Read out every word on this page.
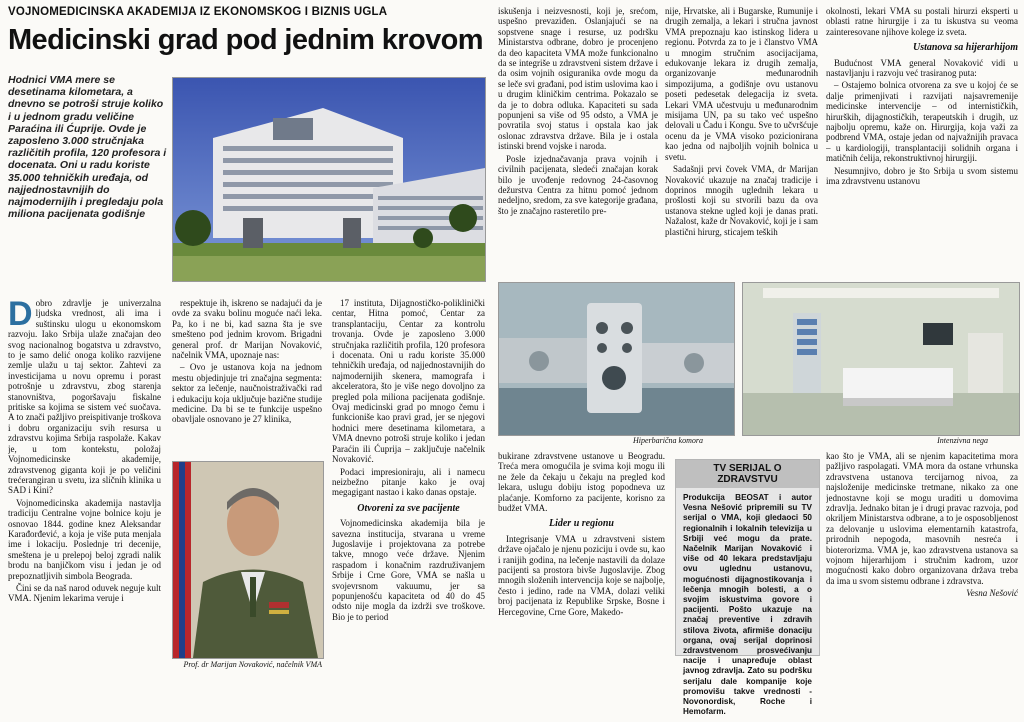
VOJNOMEDICINSKA AKADEMIJA IZ EKONOMSKOG I BIZNIS UGLA
Medicinski grad pod jednim krovom
Hodnici VMA mere se desetinama kilometara, a dnevno se potroši struje koliko i u jednom gradu veličine Paraćina ili Ćuprije. Ovde je zaposleno 3.000 stručnjaka različitih profila, 120 profesora i docenata. Oni u radu koriste 35.000 tehničkih uređaja, od najjednostavnijih do najmodernijih i pregledaju pola miliona pacijenata godišnje

Dobro zdravlje je univerzalna ljudska vrednost, ali ima i suštinsku ulogu u ekonomskom razvoju. Iako Srbija ulaže značajan deo svog nacionalnog bogatstva u zdravstvo, to je samo delić onoga koliko razvijene zemlje ulažu u taj sektor. Zahtevi za investicijama u novu opremu i porast potrošnje u zdravstvu, zbog starenja stanovništva, pogoršavaju fiskalne pritiske sa kojima se sistem već suočava. A to znači pažljivo preispitivanje troškova i dobru organizaciju svih resursa u zdravstvu kojima Srbija raspolaže. Kakav je, u tom kontekstu, položaj Vojnomedicinske akademije, zdravstvenog giganta koji je po veličini trećerangiran u svetu, iza sličnih klinika u SAD i Kini?

Vojnomedicinska akademija nastavlja tradiciju Centralne vojne bolnice koju je osnovao 1844. godine knez Aleksandar Karađorđević, a koja je više puta menjala ime i lokaciju. Poslednje tri decenije, smeštena je u prelepoj beloj zgradi nalik brodu na banjičkom visu i jedan je od prepoznatljivih simbola Beograda.

Čini se da naš narod oduvek neguje kult VMA. Njenim lekarima veruje i

respektuje ih, iskreno se nadajući da je ovde za svaku bolinu moguće naći leka. Pa, ko i ne bi, kad sazna šta je sve smešteno pod jednim krovom. Brigadni general prof. dr Marijan Novaković, načelnik VMA, upoznaje nas:

– Ovo je ustanova koja na jednom mestu objedinjuje tri značajna segmenta: sektor za lečenje, naučnoistraživački rad i edukaciju koja uključuje bazične studije medicine. Da bi se te funkcije uspešno obavljale osnovano je 27 klinika,

Prof. dr Marijan Novaković, načelnik VMA

17 instituta, Dijagnostičko-poliklinički centar, Hitna pomoć, Centar za transplantaciju, Centar za kontrolu trovanja. Ovde je zaposleno 3.000 stručnjaka različitih profila, 120 profesora i docenata. Oni u radu koriste 35.000 tehničkih uređaja, od najjednostavnijih do najmodernijih skenera, mamografa i akceleratora, što je više nego dovoljno za pregled pola miliona pacijenata godišnje. Ovaj medicinski grad po mnogo čemu i funkcioniše kao pravi grad, jer se njegovi hodnici mere desetinama kilometara, a VMA dnevno potroši struje koliko i jedan Paraćin ili Ćuprija – zaključuje načelnik Novaković.

Podaci impresioniraju, ali i namecu neizbežno pitanje kako je ovaj megagigant nastao i kako danas opstaje.

Otvoreni za sve pacijente

Vojnomedicinska akademija bila je savezna institucija, stvarana u vreme Jugoslavije i projektovana za potrebe takve, mnogo veće države. Njenim raspadom i konačnim razdruživanjem Srbije i Crne Gore, VMA se našla u svojevrsnom vakuumu, jer sa popunjenošću kapaciteta od 40 do 45 odsto nije mogla da izdrži sve troškove. Bio je to period

iskušenja i neizvesnosti, koji je, srećom, uspešno prevaziđen. Oslanjajući se na sopstvene snage i resurse, uz podršku Ministarstva odbrane, dobro je procenjeno da deo kapaciteta VMA može funkcionalno da se integriše u zdravstveni sistem države i da osim vojnih osiguranika ovde mogu da se leče svi građani, pod istim uslovima kao i u drugim kliničkim centrima. Pokazalo se da je to dobra odluka. Kapaciteti su sada popunjeni sa više od 95 odsto, a VMA je povratila svoj status i opstala kao jak oslonac zdravstva države. Bila je i ostala istinski brend vojske i naroda.

Posle izjednačavanja prava vojnih i civilnih pacijenata, sledeći značajan korak bilo je uvođenje redovnog 24-časovnog dežurstva Centra za hitnu pomoć jednom nedeljno, sredom, za sve kategorije građana, što je značajno rasteretilo pre-

nije, Hrvatske, ali i Bugarske, Rumunije i drugih zemalja, a lekari i stručna javnost VMA prepoznaju kao istinskog lidera u regionu. Potvrda za to je i članstvo VMA u mnogim stručnim asocijacijama, edukovanje lekara iz drugih zemalja, organizovanje međunarodnih simpozijuma, a godišnje ovu ustanovu poseti pedesetak delegacija iz sveta. Lekari VMA učestvuju u međunarodnim misijama UN, pa su tako već uspešno delovali u Čadu i Kongu. Sve to učvršćuje ocenu da je VMA visoko pozicionirana kao jedna od najboljih vojnih bolnica u svetu.

Sadašnji prvi čovek VMA, dr Marijan Novaković ukazuje na značaj tradicije i doprinos mnogih uglednih lekara u prošlosti koji su stvorili bazu da ova ustanova stekne ugled koji je danas prati. Nažalost, kaže dr Novaković, koji je i sam plastični hirurg, sticajem teških

okolnosti, lekari VMA su postali hirurzi eksperti u oblasti ratne hirurgije i za tu iskustva su veoma zainteresovane njihove kolege iz sveta.

Ustanova sa hijerarhijom

Budućnost VMA general Novaković vidi u nastavljanju i razvoju već trasiranog puta:

– Ostajemo bolnica otvorena za sve u kojoj će se dalje primenjivati i razvijati najsavremenije medicinske intervencije – od internističkih, hirurških, dijagnostičkih, terapeutskih i drugih, uz najbolju opremu, kaže on. Hirurgija, koja važi za podbrend VMA, ostaje jedan od najvažnijih pravaca – u kardiologiji, transplantaciji solidnih organa i matičnih ćelija, rekonstruktivnoj hirurgiji.

Nesumnjivo, dobro je što Srbija u svom sistemu ima zdravstvenu ustanovu

Hiperbarična komora	Intenzivna nega

bukirane zdravstvene ustanove u Beogradu. Treća mera omogućila je svima koji mogu ili ne žele da čekaju u čekaju na pregled kod lekara, uslugu dobiju istog popodneva uz plaćanje. Komforno za pacijente, korisno za budžet VMA.

Lider u regionu

Integrisanje VMA u zdravstveni sistem države ojačalo je njenu poziciju i ovde su, kao i ranijih godina, na lečenje nastavili da dolaze pacijenti sa prostora bivše Jugoslavije. Zbog mnogih složenih intervencija koje se najbolje, često i jedino, rade na VMA, dolazi veliki broj pacijenata iz Republike Srpske, Bosne i Hercegovine, Crne Gore, Makedo-

TV SERIJAL O ZDRAVSTVU
Produkcija BEOSAT i autor Vesna Nešović pripremili su TV serijal o VMA, koji gledaoci 50 regionalnih i lokalnih televizija u Srbiji već mogu da prate. Načelnik Marijan Novaković i više od 40 lekara predstavljaju ovu uglednu ustanovu, mogućnosti dijagnostikovanja i lečenja mnogih bolesti, a o svojim iskustvima govore i pacijenti. Pošto ukazuje na značaj preventive i zdravih stilova života, afirmiše donaciju organa, ovaj serijal doprinosi zdravstvenom prosvećivanju nacije i unapređuje oblast javnog zdravlja. Zato su podršku serijalu dale kompanije koje promovišu takve vrednosti - Novonordisk, Roche i Hemofarm.

kao što je VMA, ali se njenim kapacitetima mora pažljivo raspolagati. VMA mora da ostane vrhunska zdravstvena ustanova tercijarnog nivoa, za najsloženije medicinske tretmane, nikako za one jednostavne koji se mogu uraditi u domovima zdravlja. Jednako bitan je i drugi pravac razvoja, pod okriljem Ministarstva odbrane, a to je osposobljenost za delovanje u uslovima elementarnih katastrofa, prirodnih nepogoda, masovnih nesreća i bioterorizma. VMA je, kao zdravstvena ustanova sa vojnom hijerarhijom i stručnim kadrom, uzor mogućnosti kako dobro organizovana država treba da ima u svom sistemu odbrane i zdravstva.

Vesna Nešović
